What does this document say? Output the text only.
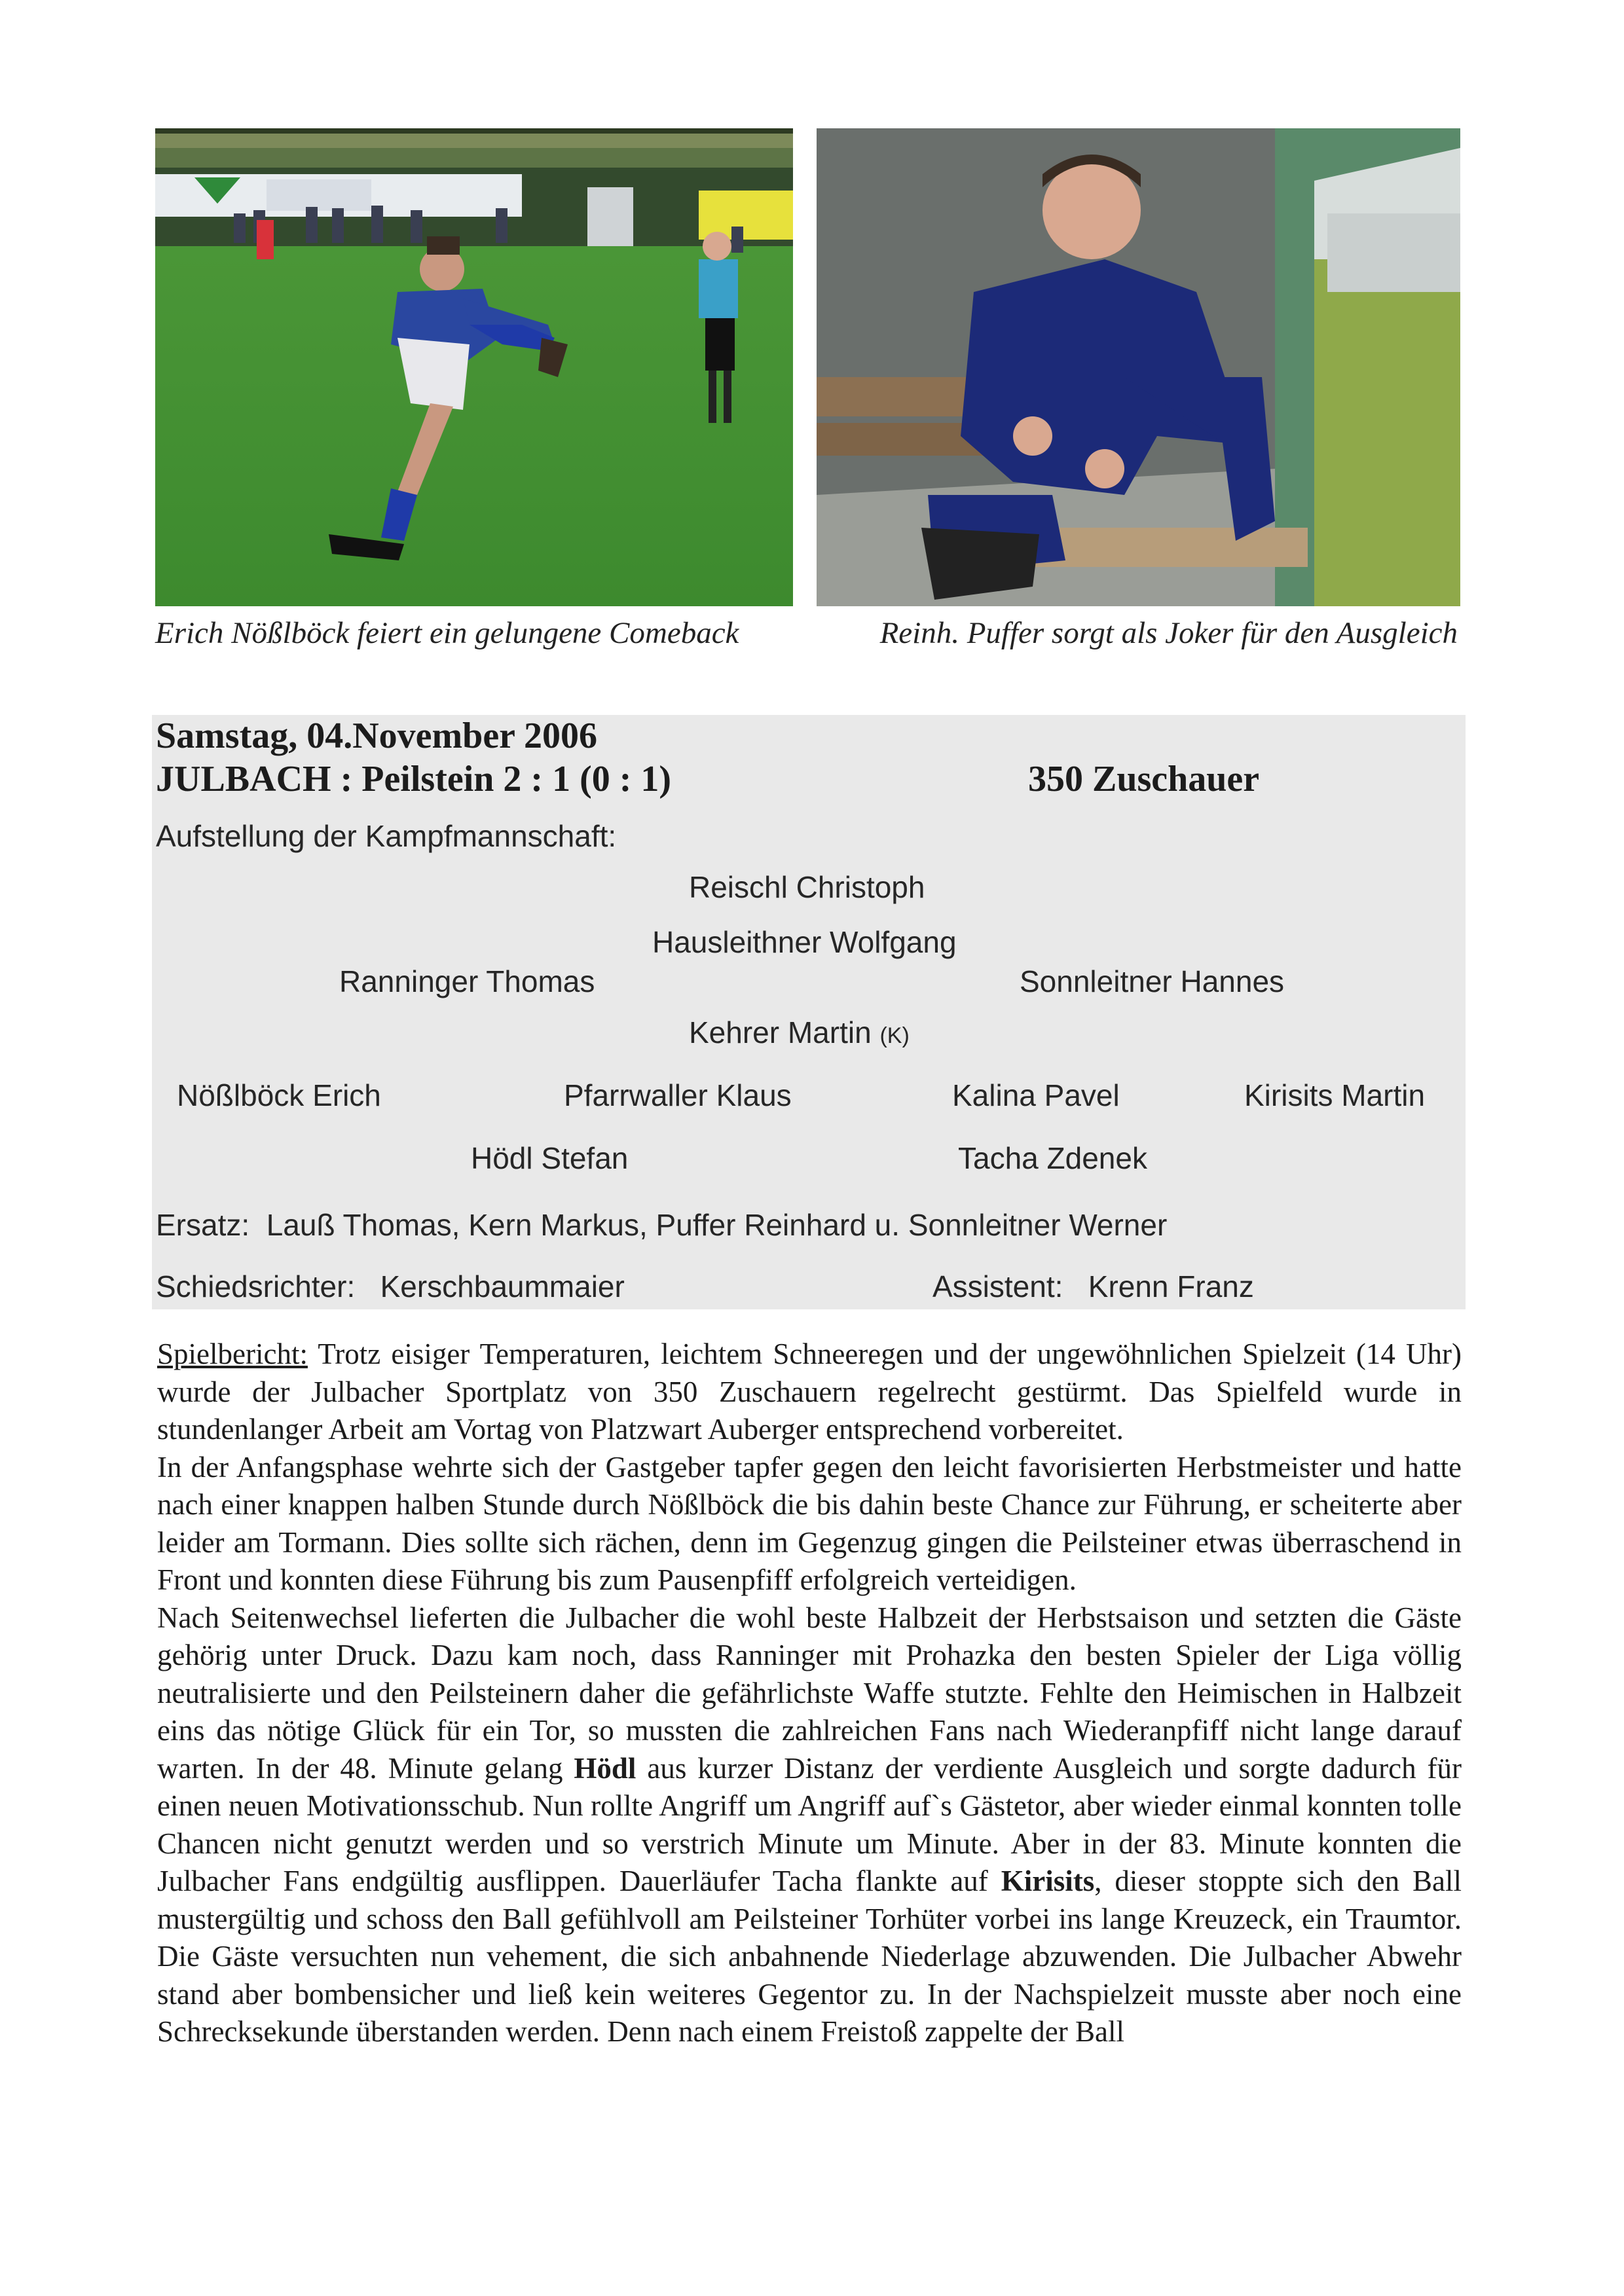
Erich Nößlböck feiert ein gelungene Comeback	Reinh. Puffer sorgt als Joker für den Ausgleich
Samstag, 04.November 2006
JULBACH : Peilstein 2 : 1 (0 : 1)	350 Zuschauer
Aufstellung der Kampfmannschaft:
Reischl Christoph
Hausleithner Wolfgang
Ranninger Thomas	Sonnleitner Hannes
Kehrer Martin (K)
Nößlböck Erich	Pfarrwaller Klaus	Kalina Pavel	Kirisits Martin
Hödl Stefan	Tacha Zdenek
Ersatz: Lauß Thomas, Kern Markus, Puffer Reinhard u. Sonnleitner Werner
Schiedsrichter: Kerschbaummaier	Assistent: Krenn Franz

Spielbericht: Trotz eisiger Temperaturen, leichtem Schneeregen und der ungewöhnlichen Spielzeit (14 Uhr) wurde der Julbacher Sportplatz von 350 Zuschauern regelrecht gestürmt. Das Spielfeld wurde in stundenlanger Arbeit am Vortag von Platzwart Auberger entsprechend vorbereitet.

In der Anfangsphase wehrte sich der Gastgeber tapfer gegen den leicht favorisierten Herbstmeister und hatte nach einer knappen halben Stunde durch Nößlböck die bis dahin beste Chance zur Führung, er scheiterte aber leider am Tormann. Dies sollte sich rächen, denn im Gegenzug gingen die Peilsteiner etwas überraschend in Front und konnten diese Führung bis zum Pausenpfiff erfolgreich verteidigen.

Nach Seitenwechsel lieferten die Julbacher die wohl beste Halbzeit der Herbstsaison und setzten die Gäste gehörig unter Druck. Dazu kam noch, dass Ranninger mit Prohazka den besten Spieler der Liga völlig neutralisierte und den Peilsteinern daher die gefährlichste Waffe stutzte. Fehlte den Heimischen in Halbzeit eins das nötige Glück für ein Tor, so mussten die zahlreichen Fans nach Wiederanpfiff nicht lange darauf warten. In der 48. Minute gelang Hödl aus kurzer Distanz der verdiente Ausgleich und sorgte dadurch für einen neuen Motivationsschub. Nun rollte Angriff um Angriff auf`s Gästetor, aber wieder einmal konnten tolle Chancen nicht genutzt werden und so verstrich Minute um Minute. Aber in der 83. Minute konnten die Julbacher Fans endgültig ausflippen. Dauerläufer Tacha flankte auf Kirisits, dieser stoppte sich den Ball mustergültig und schoss den Ball gefühlvoll am Peilsteiner Torhüter vorbei ins lange Kreuzeck, ein Traumtor. Die Gäste versuchten nun vehement, die sich anbahnende Niederlage abzuwenden. Die Julbacher Abwehr stand aber bombensicher und ließ kein weiteres Gegentor zu. In der Nachspielzeit musste aber noch eine Schrecksekunde überstanden werden. Denn nach einem Freistoß zappelte der Ball
